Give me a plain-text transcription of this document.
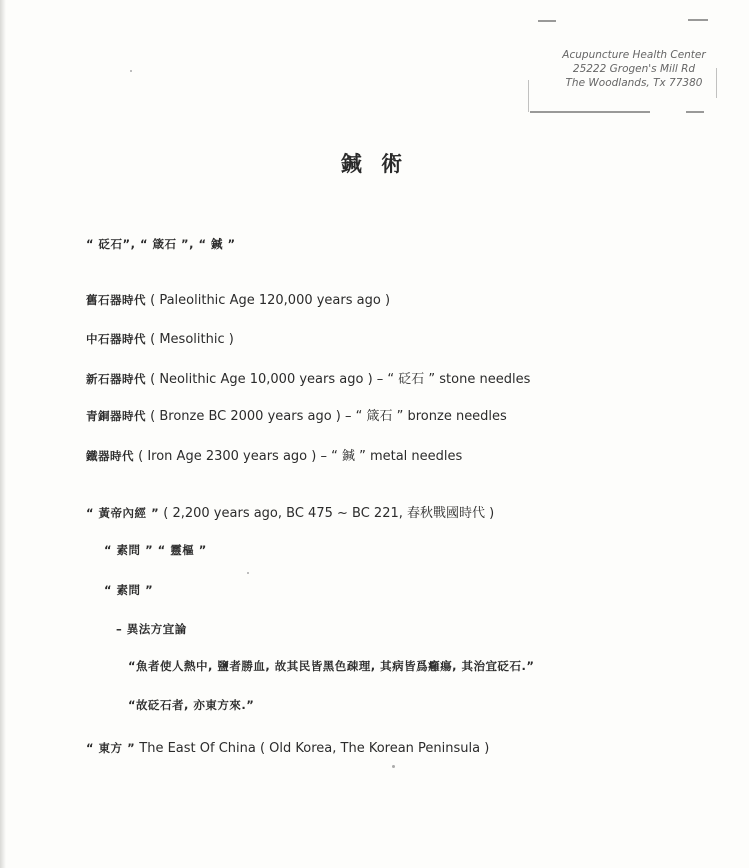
Acupuncture Health Center
25222 Grogen's Mill Rd
The Woodlands, Tx 77380
鍼 術
“ 砭石”, “ 箴石 ”, “ 鍼 ”
舊石器時代 ( Paleolithic Age 120,000 years ago )
中石器時代 ( Mesolithic )
新石器時代 ( Neolithic Age 10,000 years ago ) – “ 砭石 ” stone needles
青銅器時代 ( Bronze BC 2000 years ago ) – “ 箴石 ” bronze needles
鐵器時代 ( Iron Age 2300 years ago ) – “ 鍼 ” metal needles
“ 黃帝內經 ” ( 2,200 years ago, BC 475 ~ BC 221, 春秋戰國時代 )
“ 素問 ” “ 靈樞 ”
“ 素問 ”
– 異法方宜論
“魚者使人熱中, 鹽者勝血, 故其民皆黑色疎理, 其病皆爲癰瘍, 其治宜砭石.”
“故砭石者, 亦東方來.”
“ 東方 ” The East Of China ( Old Korea, The Korean Peninsula )
